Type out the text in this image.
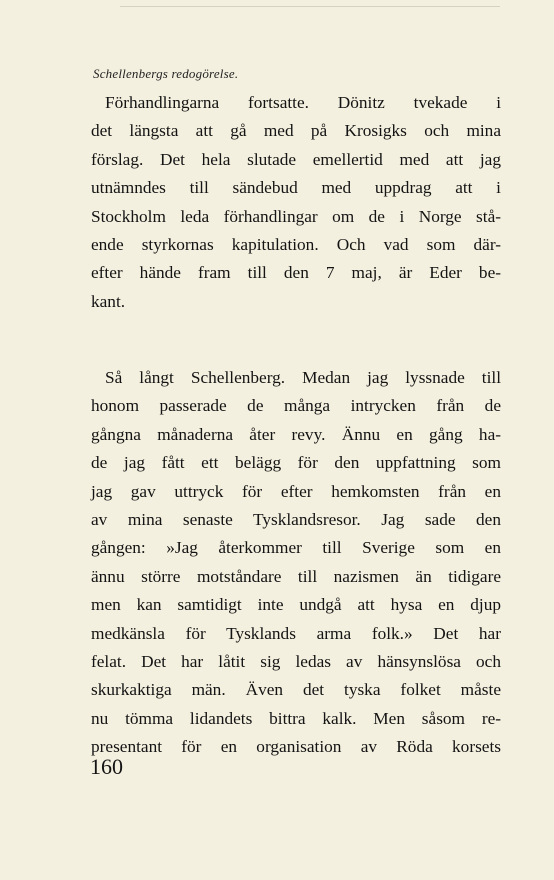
Schellenbergs redogörelse.
Förhandlingarna fortsatte. Dönitz tvekade i
det längsta att gå med på Krosigks och mina
förslag. Det hela slutade emellertid med att jag
utnämndes till sändebud med uppdrag att i
Stockholm leda förhandlingar om de i Norge stå-
ende styrkornas kapitulation. Och vad som där-
efter hände fram till den 7 maj, är Eder be-
kant.
Så långt Schellenberg. Medan jag lyssnade till
honom passerade de många intrycken från de
gångna månaderna åter revy. Ännu en gång ha-
de jag fått ett belägg för den uppfattning som
jag gav uttryck för efter hemkomsten från en
av mina senaste Tysklandsresor. Jag sade den
gången: »Jag återkommer till Sverige som en
ännu större motståndare till nazismen än tidigare
men kan samtidigt inte undgå att hysa en djup
medkänsla för Tysklands arma folk.» Det har
felat. Det har låtit sig ledas av hänsynslösa och
skurkaktiga män. Även det tyska folket måste
nu tömma lidandets bittra kalk. Men såsom re-
presentant för en organisation av Röda korsets
160
